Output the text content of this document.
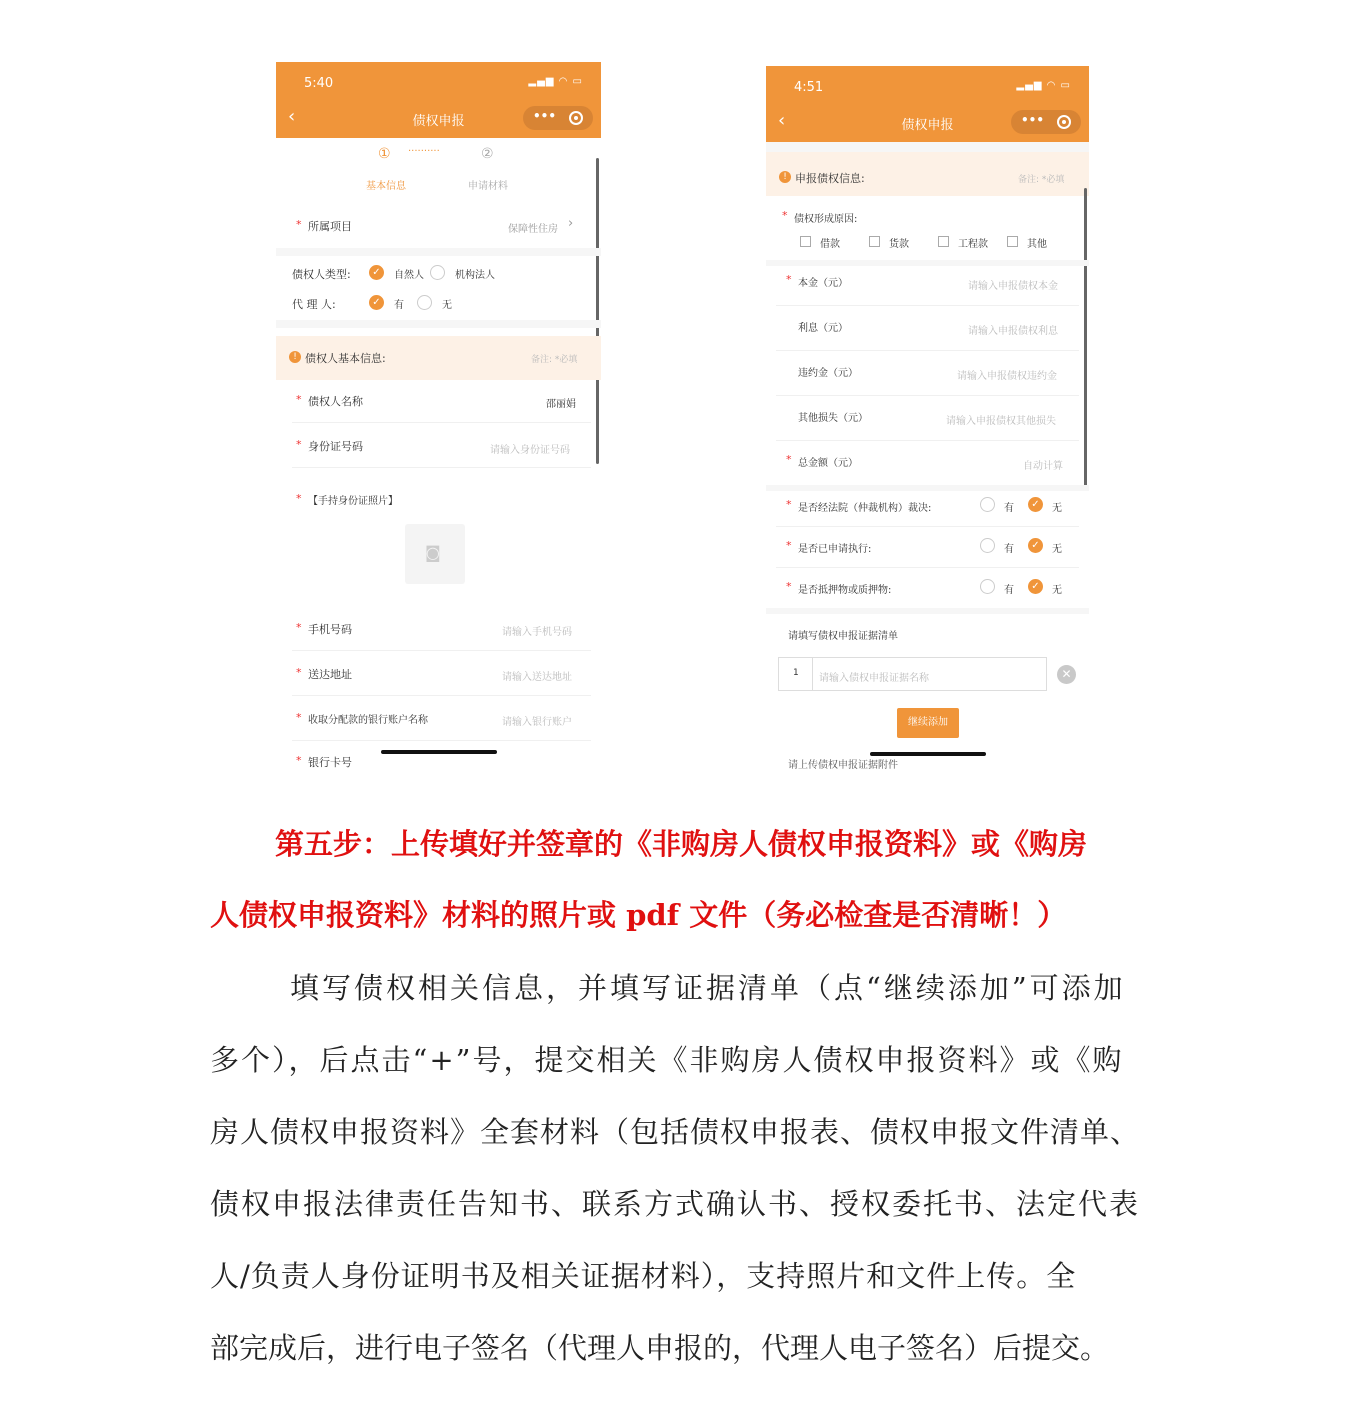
5:40	▂▄▆ ◠ ▭
‹	债权申报	•••
① ··········	②
基本信息	申请材料
* 所属项目	保障性住房 ›
债权人类型:	✓	自然人	机构法人
代 理 人:	✓	有	无
! 债权人基本信息:	备注: *必填
* 债权人名称	邵丽娟
* 身份证号码	请输入身份证号码
* 【手持身份证照片】
◙
* 手机号码	请输入手机号码
* 送达地址	请输入送达地址
* 收取分配款的银行账户名称	请输入银行账户
* 银行卡号
4:51	▂▄▆ ◠ ▭
‹	债权申报	•••
! 申报债权信息:	备注: *必填
* 债权形成原因:
借款	货款	工程款	其他
* 本金（元）	请输入申报债权本金
利息（元）	请输入申报债权利息
违约金（元）	请输入申报债权违约金
其他损失（元）	请输入申报债权其他损失
* 总金额（元）	自动计算
* 是否经法院（仲裁机构）裁决:	有	✓	无
* 是否已申请执行:	有	✓	无
* 是否抵押物或质押物:	有	✓	无
请填写债权申报证据清单
1 请输入债权申报证据名称	✕
继续添加
请上传债权申报证据附件
第五步：上传填好并签章的《非购房人债权申报资料》或《购房
人债权申报资料》材料的照片或 pdf 文件（务必检查是否清晰！）
填写债权相关信息，并填写证据清单（点“继续添加”可添加
多个），后点击“+”号，提交相关《非购房人债权申报资料》或《购
房人债权申报资料》全套材料（包括债权申报表、债权申报文件清单、
债权申报法律责任告知书、联系方式确认书、授权委托书、法定代表
人/负责人身份证明书及相关证据材料），支持照片和文件上传。全
部完成后，进行电子签名（代理人申报的，代理人电子签名）后提交。
